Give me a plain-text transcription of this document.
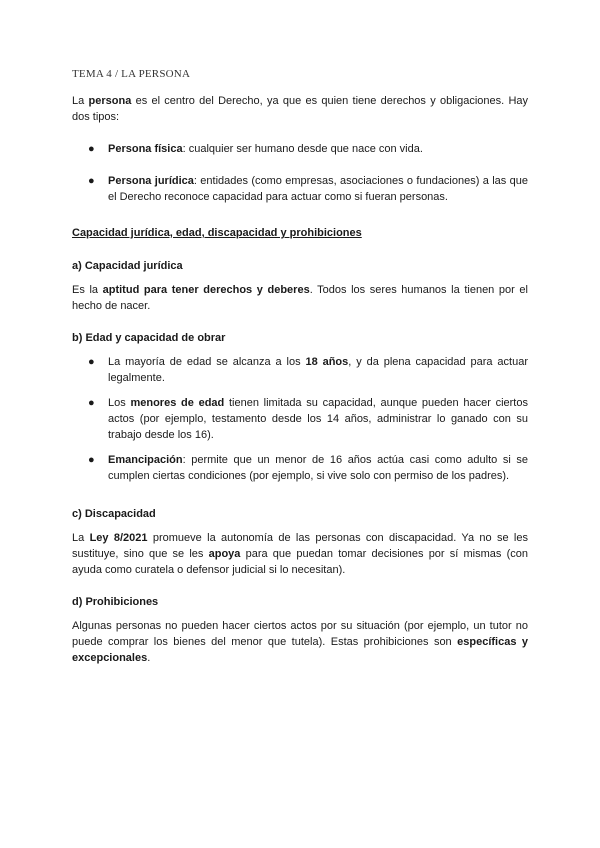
TEMA 4 / LA PERSONA

La persona es el centro del Derecho, ya que es quien tiene derechos y obligaciones. Hay dos tipos:

● Persona física: cualquier ser humano desde que nace con vida.
● Persona jurídica: entidades (como empresas, asociaciones o fundaciones) a las que el Derecho reconoce capacidad para actuar como si fueran personas.
Capacidad jurídica, edad, discapacidad y prohibiciones
a) Capacidad jurídica

Es la aptitud para tener derechos y deberes. Todos los seres humanos la tienen por el hecho de nacer.

b) Edad y capacidad de obrar
● La mayoría de edad se alcanza a los 18 años, y da plena capacidad para actuar legalmente.
● Los menores de edad tienen limitada su capacidad, aunque pueden hacer ciertos actos (por ejemplo, testamento desde los 14 años, administrar lo ganado con su trabajo desde los 16).
● Emancipación: permite que un menor de 16 años actúa casi como adulto si se cumplen ciertas condiciones (por ejemplo, si vive solo con permiso de los padres).
c) Discapacidad

La Ley 8/2021 promueve la autonomía de las personas con discapacidad. Ya no se les sustituye, sino que se les apoya para que puedan tomar decisiones por sí mismas (con ayuda como curatela o defensor judicial si lo necesitan).

d) Prohibiciones

Algunas personas no pueden hacer ciertos actos por su situación (por ejemplo, un tutor no puede comprar los bienes del menor que tutela). Estas prohibiciones son específicas y excepcionales.
